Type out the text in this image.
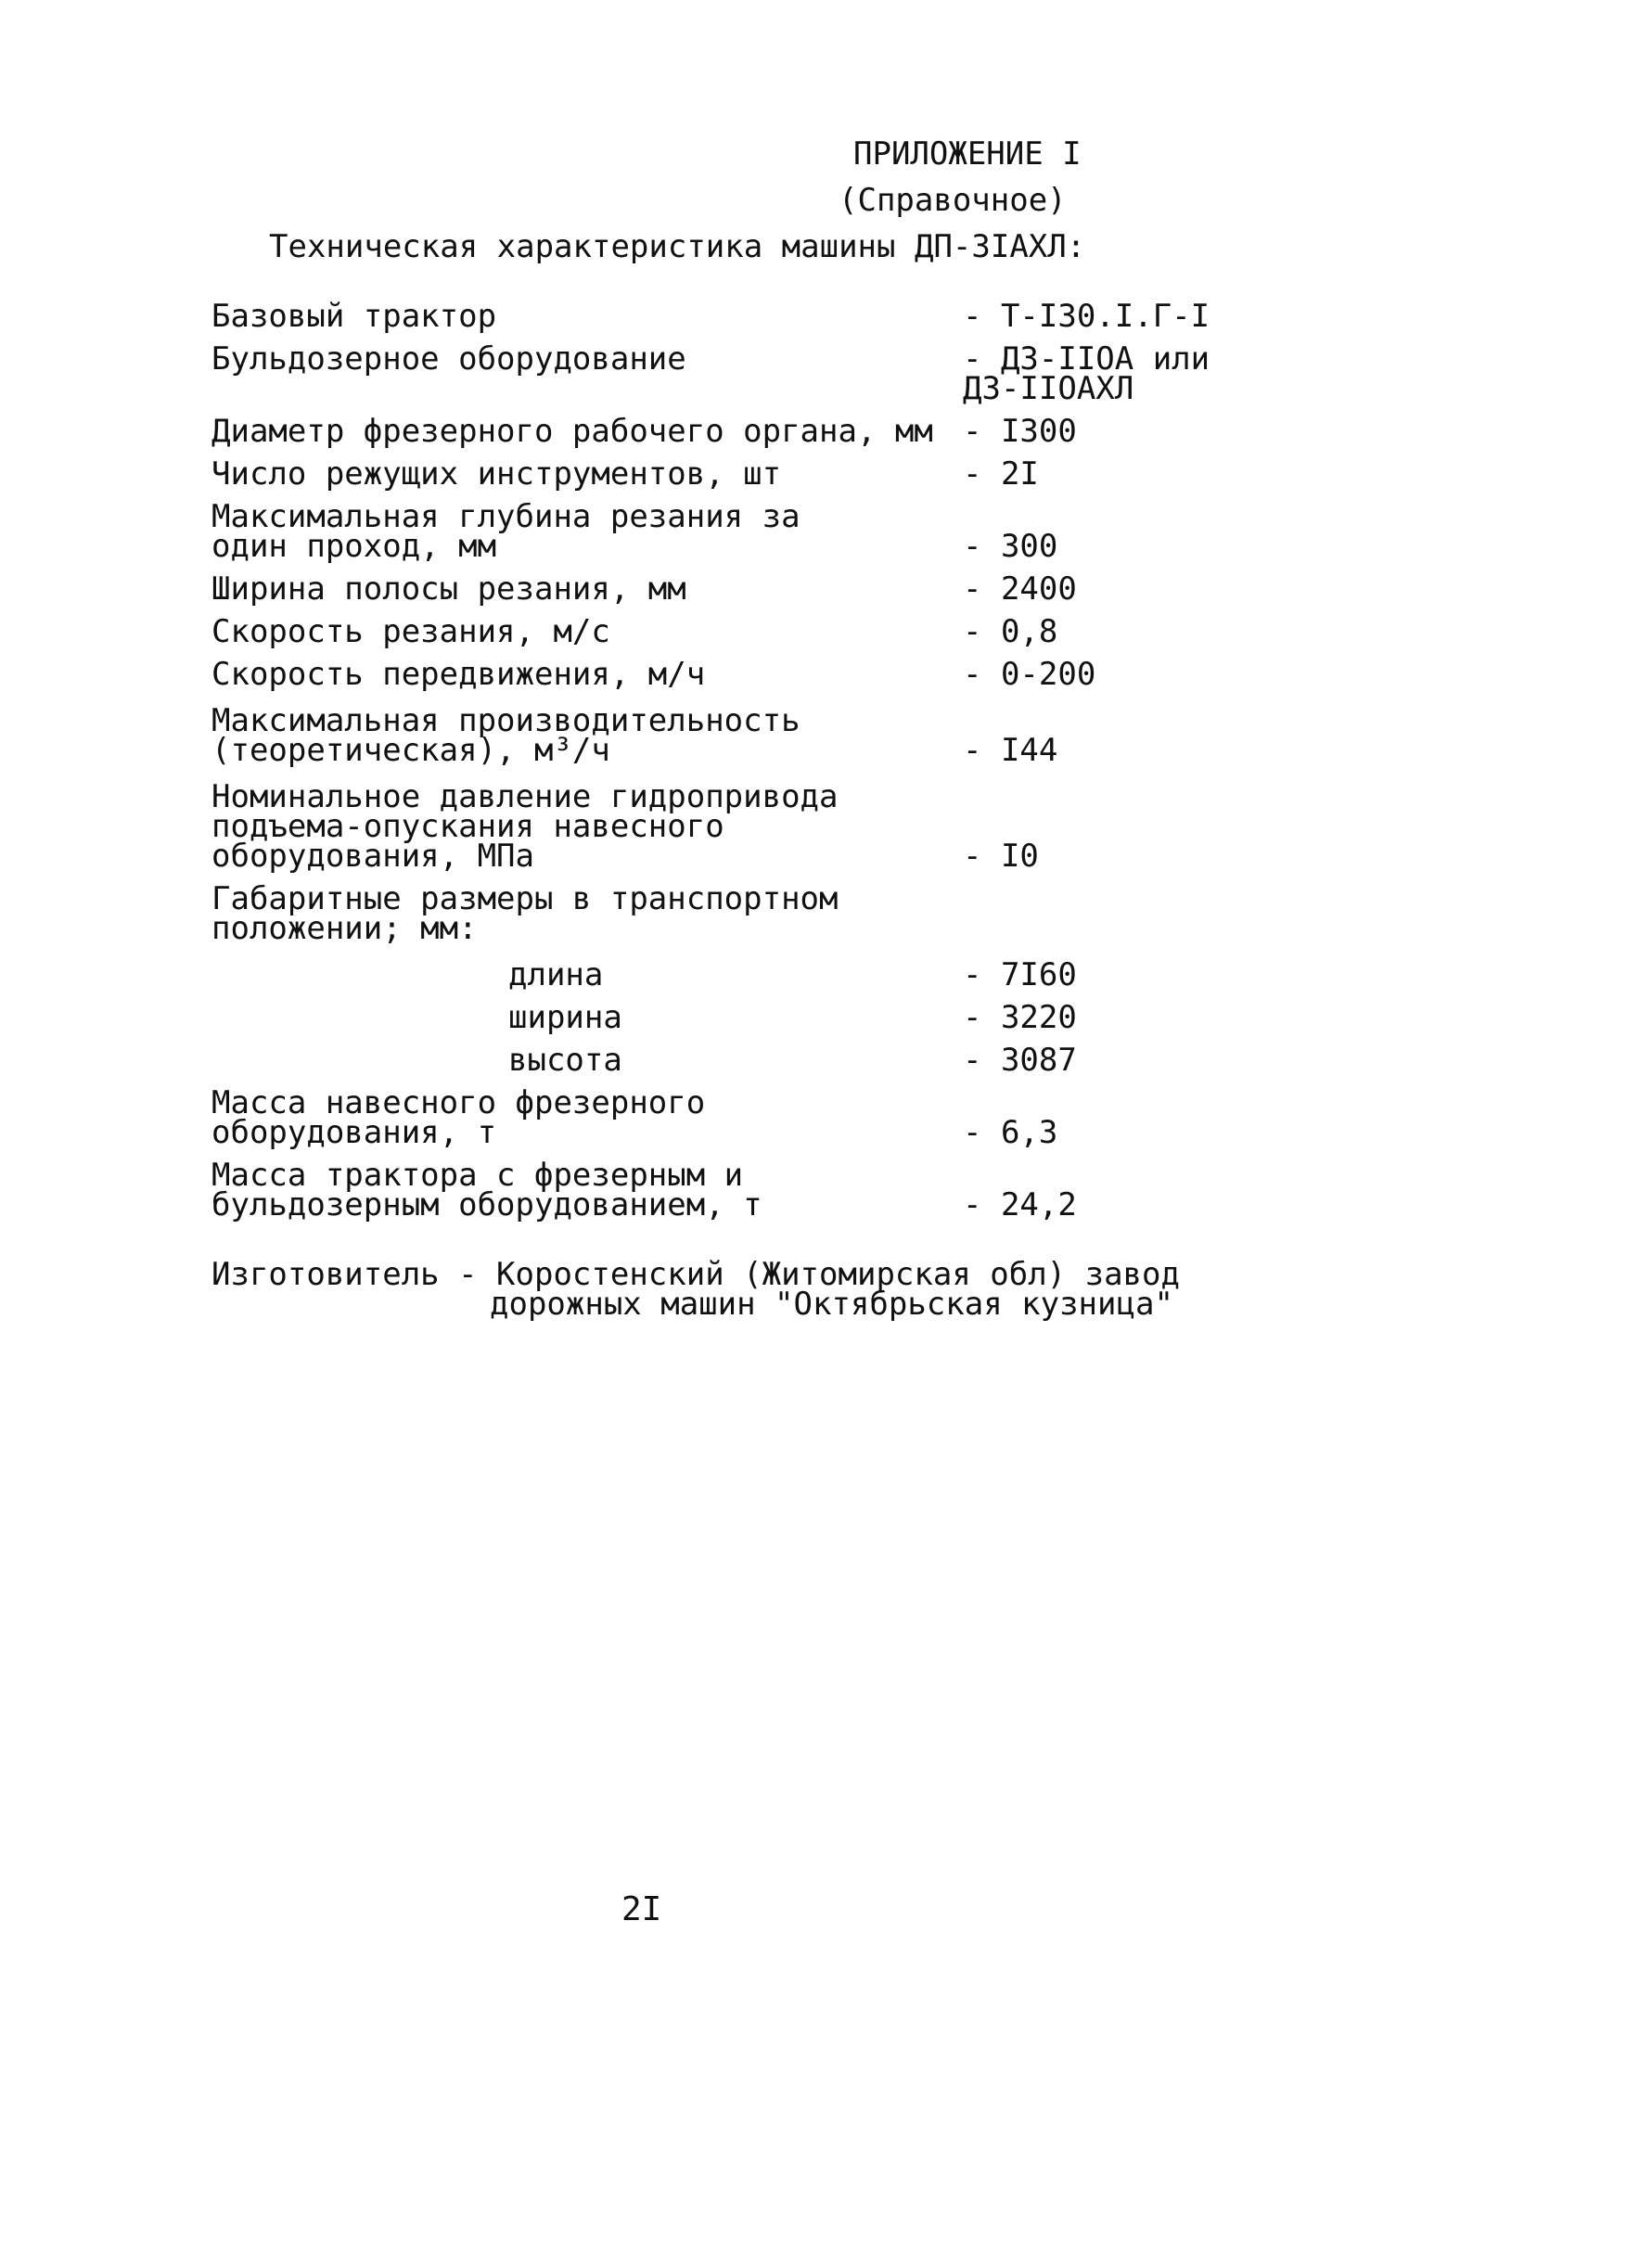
ПРИЛОЖЕНИЕ I
(Справочное)
Техническая характеристика машины ДП-3IАХЛ:
Базовый трактор	- Т-I30.I.Г-I
Бульдозерное оборудование	- ДЗ-IIОА или
ДЗ-IIОАХЛ
Диаметр фрезерного рабочего органа, мм - I300
Число режущих инструментов, шт	- 2I
Максимальная глубина резания за
один проход, мм	- 300
Ширина полосы резания, мм	- 2400
Скорость резания, м/с	- 0,8
Скорость передвижения, м/ч	- 0-200
Максимальная производительность
(теоретическая), м³/ч	- I44
Номинальное давление гидропривода
подъема-опускания навесного
оборудования, МПа	- I0
Габаритные размеры в транспортном
положении; мм:
длина	- 7I60
ширина	- 3220
высота	- 3087
Масса навесного фрезерного
оборудования, т	- 6,3
Масса трактора с фрезерным и
бульдозерным оборудованием, т	- 24,2
Изготовитель - Коростенский (Житомирская обл) завод
дорожных машин "Октябрьская кузница"
2I
